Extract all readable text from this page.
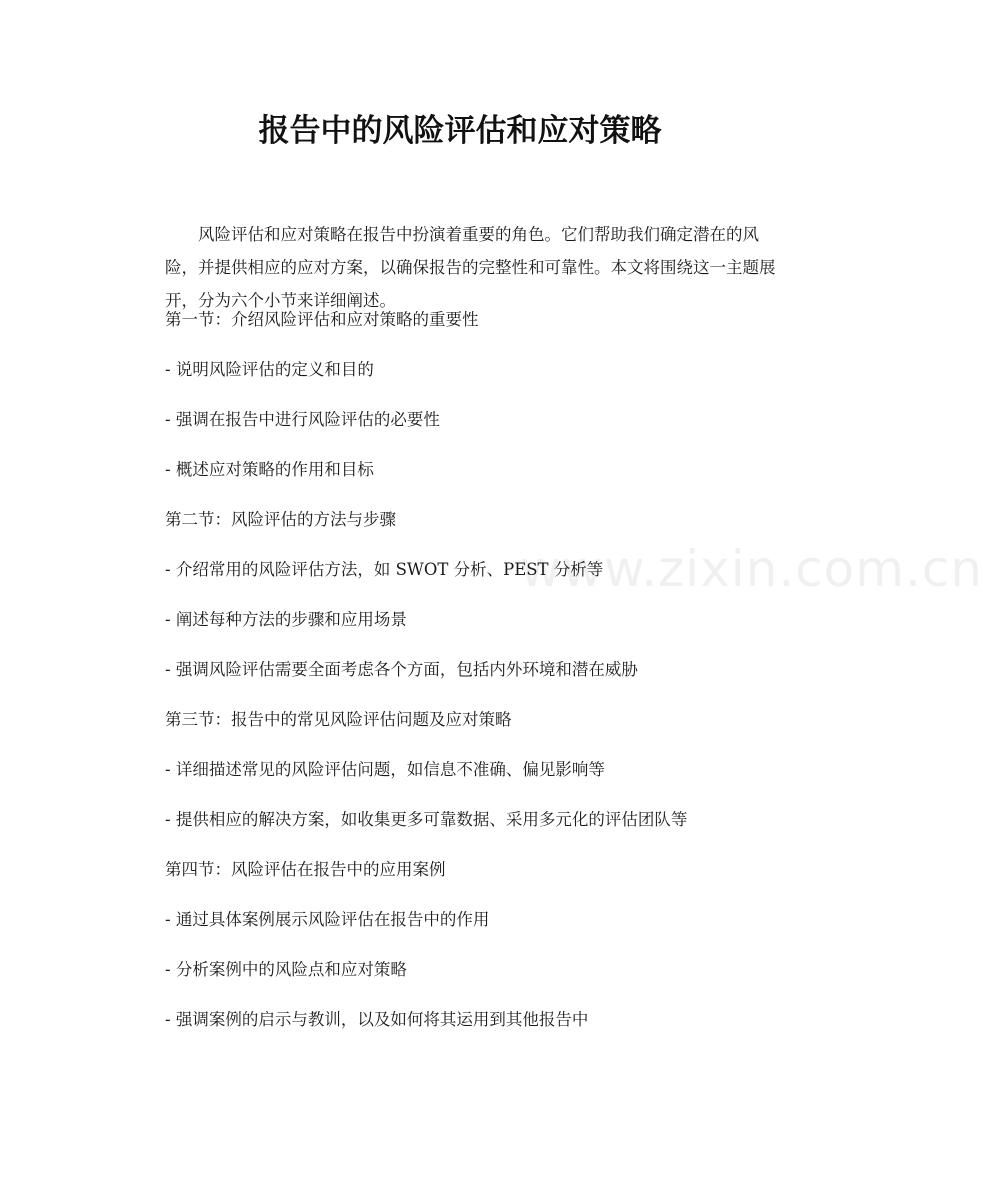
报告中的风险评估和应对策略

风险评估和应对策略在报告中扮演着重要的角色。它们帮助我们确定潜在的风险，并提供相应的应对方案，以确保报告的完整性和可靠性。本文将围绕这一主题展开，分为六个小节来详细阐述。

第一节：介绍风险评估和应对策略的重要性

- 说明风险评估的定义和目的

- 强调在报告中进行风险评估的必要性

- 概述应对策略的作用和目标

第二节：风险评估的方法与步骤

- 介绍常用的风险评估方法，如 SWOT 分析、PEST 分析等

- 阐述每种方法的步骤和应用场景

- 强调风险评估需要全面考虑各个方面，包括内外环境和潜在威胁

第三节：报告中的常见风险评估问题及应对策略

- 详细描述常见的风险评估问题，如信息不准确、偏见影响等

- 提供相应的解决方案，如收集更多可靠数据、采用多元化的评估团队等

第四节：风险评估在报告中的应用案例

- 通过具体案例展示风险评估在报告中的作用

- 分析案例中的风险点和应对策略

- 强调案例的启示与教训，以及如何将其运用到其他报告中

www.zixin.com.cn
